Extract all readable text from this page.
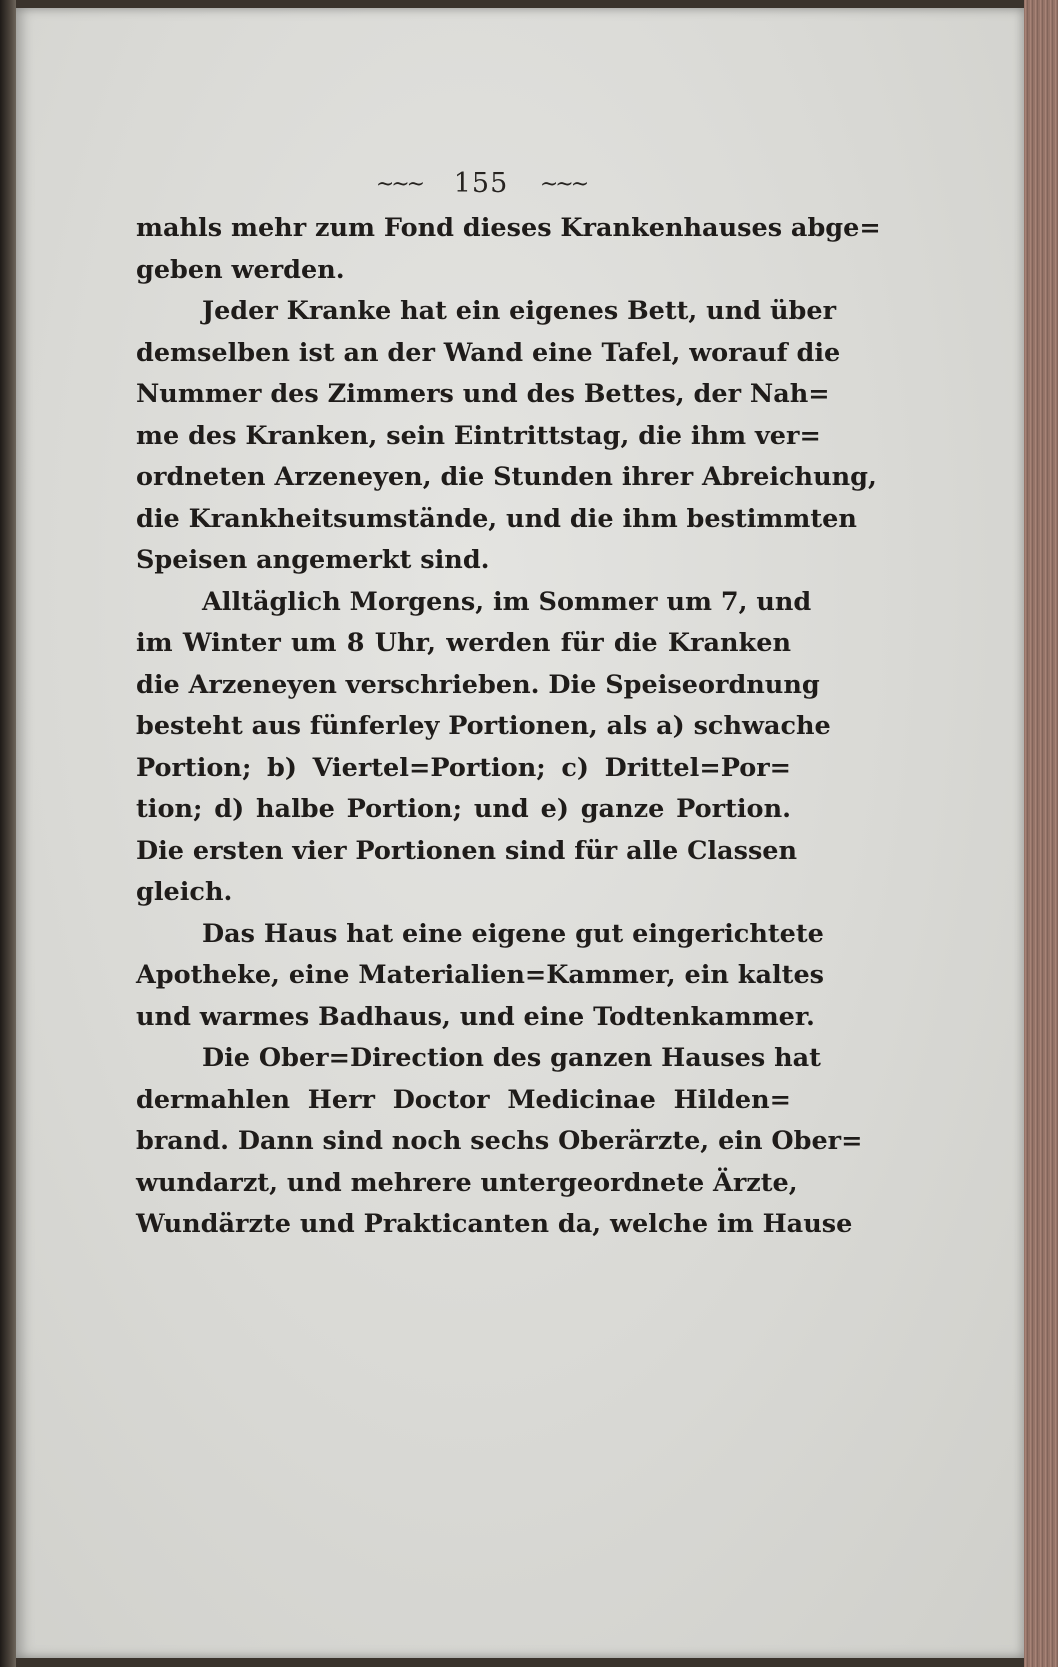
~~~ 155 ~~~
mahls mehr zum Fond dieses Krankenhauses abge=
geben werden.
Jeder Kranke hat ein eigenes Bett, und über
demselben ist an der Wand eine Tafel, worauf die
Nummer des Zimmers und des Bettes, der Nah=
me des Kranken, sein Eintrittstag, die ihm ver=
ordneten Arzeneyen, die Stunden ihrer Abreichung,
die Krankheitsumstände, und die ihm bestimmten
Speisen angemerkt sind.
Alltäglich Morgens, im Sommer um 7, und
im Winter um 8 Uhr, werden für die Kranken
die Arzeneyen verschrieben. Die Speiseordnung
besteht aus fünferley Portionen, als a) schwache
Portion; b) Viertel=Portion; c) Drittel=Por=
tion; d) halbe Portion; und e) ganze Portion.
Die ersten vier Portionen sind für alle Classen
gleich.
Das Haus hat eine eigene gut eingerichtete
Apotheke, eine Materialien=Kammer, ein kaltes
und warmes Badhaus, und eine Todtenkammer.
Die Ober=Direction des ganzen Hauses hat
dermahlen Herr Doctor Medicinae Hilden=
brand. Dann sind noch sechs Oberärzte, ein Ober=
wundarzt, und mehrere untergeordnete Ärzte,
Wundärzte und Prakticanten da, welche im Hause
